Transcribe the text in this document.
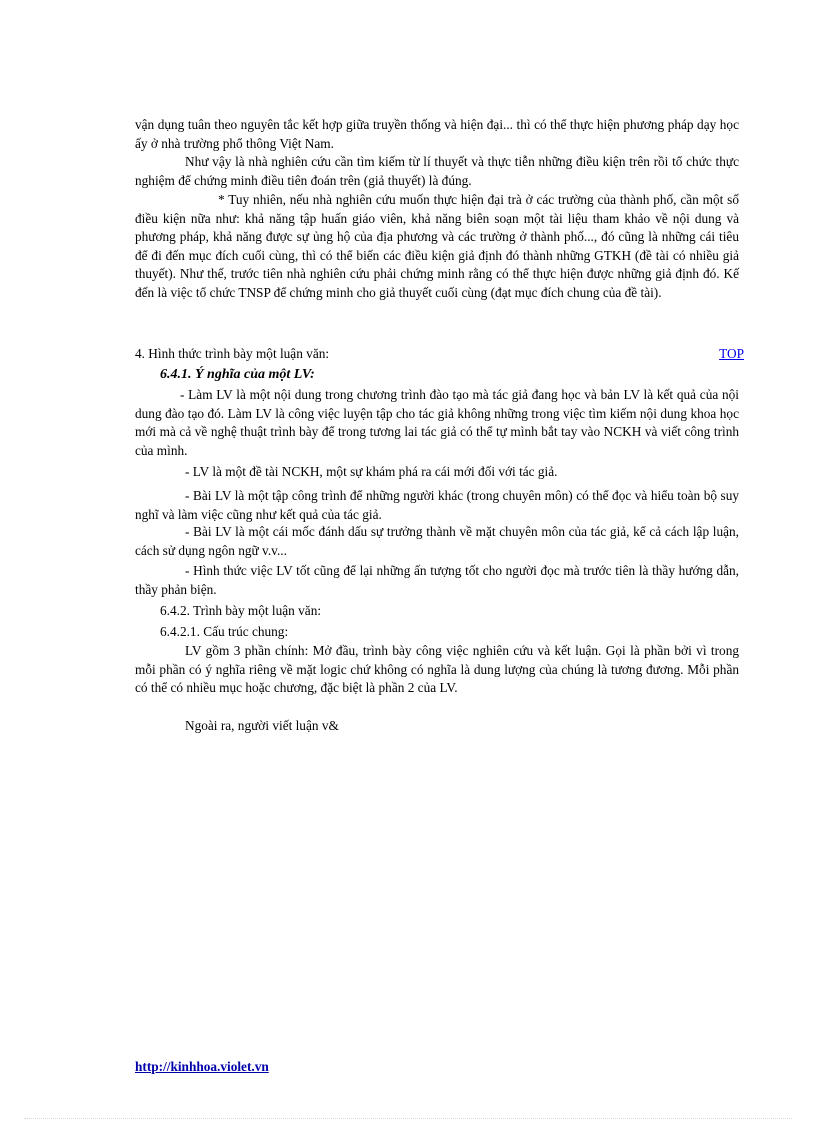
vận dụng tuân theo nguyên tắc kết hợp giữa truyền thống và hiện đại... thì có thể thực hiện phương pháp dạy học ấy ở nhà trường phổ thông Việt Nam.

Như vậy là nhà nghiên cứu cần tìm kiếm từ lí thuyết và thực tiễn những điều kiện trên rồi tổ chức thực nghiệm để chứng minh điều tiên đoán trên (giả thuyết) là đúng.

* Tuy nhiên, nếu nhà nghiên cứu muốn thực hiện đại trà ở các trường của thành phố, cần một số điều kiện nữa như: khả năng tập huấn giáo viên, khả năng biên soạn một tài liệu tham khảo về nội dung và phương pháp, khả năng được sự ủng hộ của địa phương và các trường ở thành phố..., đó cũng là những cái tiêu để đi đến mục đích cuối cùng, thì có thể biến các điều kiện giả định đó thành những GTKH (đề tài có nhiều giả thuyết). Như thế, trước tiên nhà nghiên cứu phải chứng minh rằng có thể thực hiện được những giả định đó. Kế đến là việc tổ chức TNSP để chứng minh cho giả thuyết cuối cùng (đạt mục đích chung của đề tài).

4. Hình thức trình bày một luận văn:	TOP

6.4.1. Ý nghĩa của một LV:

- Làm LV là một nội dung trong chương trình đào tạo mà tác giả đang học và bản LV là kết quả của nội dung đào tạo đó. Làm LV là công việc luyện tập cho tác giả không những trong việc tìm kiếm nội dung khoa học mới mà cả về nghệ thuật trình bày để trong tương lai tác giả có thể tự mình bắt tay vào NCKH và viết công trình của mình.

- LV là một đề tài NCKH, một sự khám phá ra cái mới đối với tác giả.

- Bài LV là một tập công trình để những người khác (trong chuyên môn) có thể đọc và hiểu toàn bộ suy nghĩ và làm việc cũng như kết quả của tác giả.

- Bài LV là một cái mốc đánh dấu sự trưởng thành về mặt chuyên môn của tác giả, kể cả cách lập luận, cách sử dụng ngôn ngữ v.v...

- Hình thức việc LV tốt cũng để lại những ấn tượng tốt cho người đọc mà trước tiên là thầy hướng dẫn, thầy phản biện.

6.4.2. Trình bày một luận văn:

6.4.2.1. Cấu trúc chung:

LV gồm 3 phần chính: Mở đầu, trình bày công việc nghiên cứu và kết luận. Gọi là phần bởi vì trong mỗi phần có ý nghĩa riêng về mặt logic chứ không có nghĩa là dung lượng của chúng là tương đương. Mỗi phần có thể có nhiều mục hoặc chương, đặc biệt là phần 2 của LV.

Ngoài ra, người viết luận v&

http://kinhhoa.violet.vn
